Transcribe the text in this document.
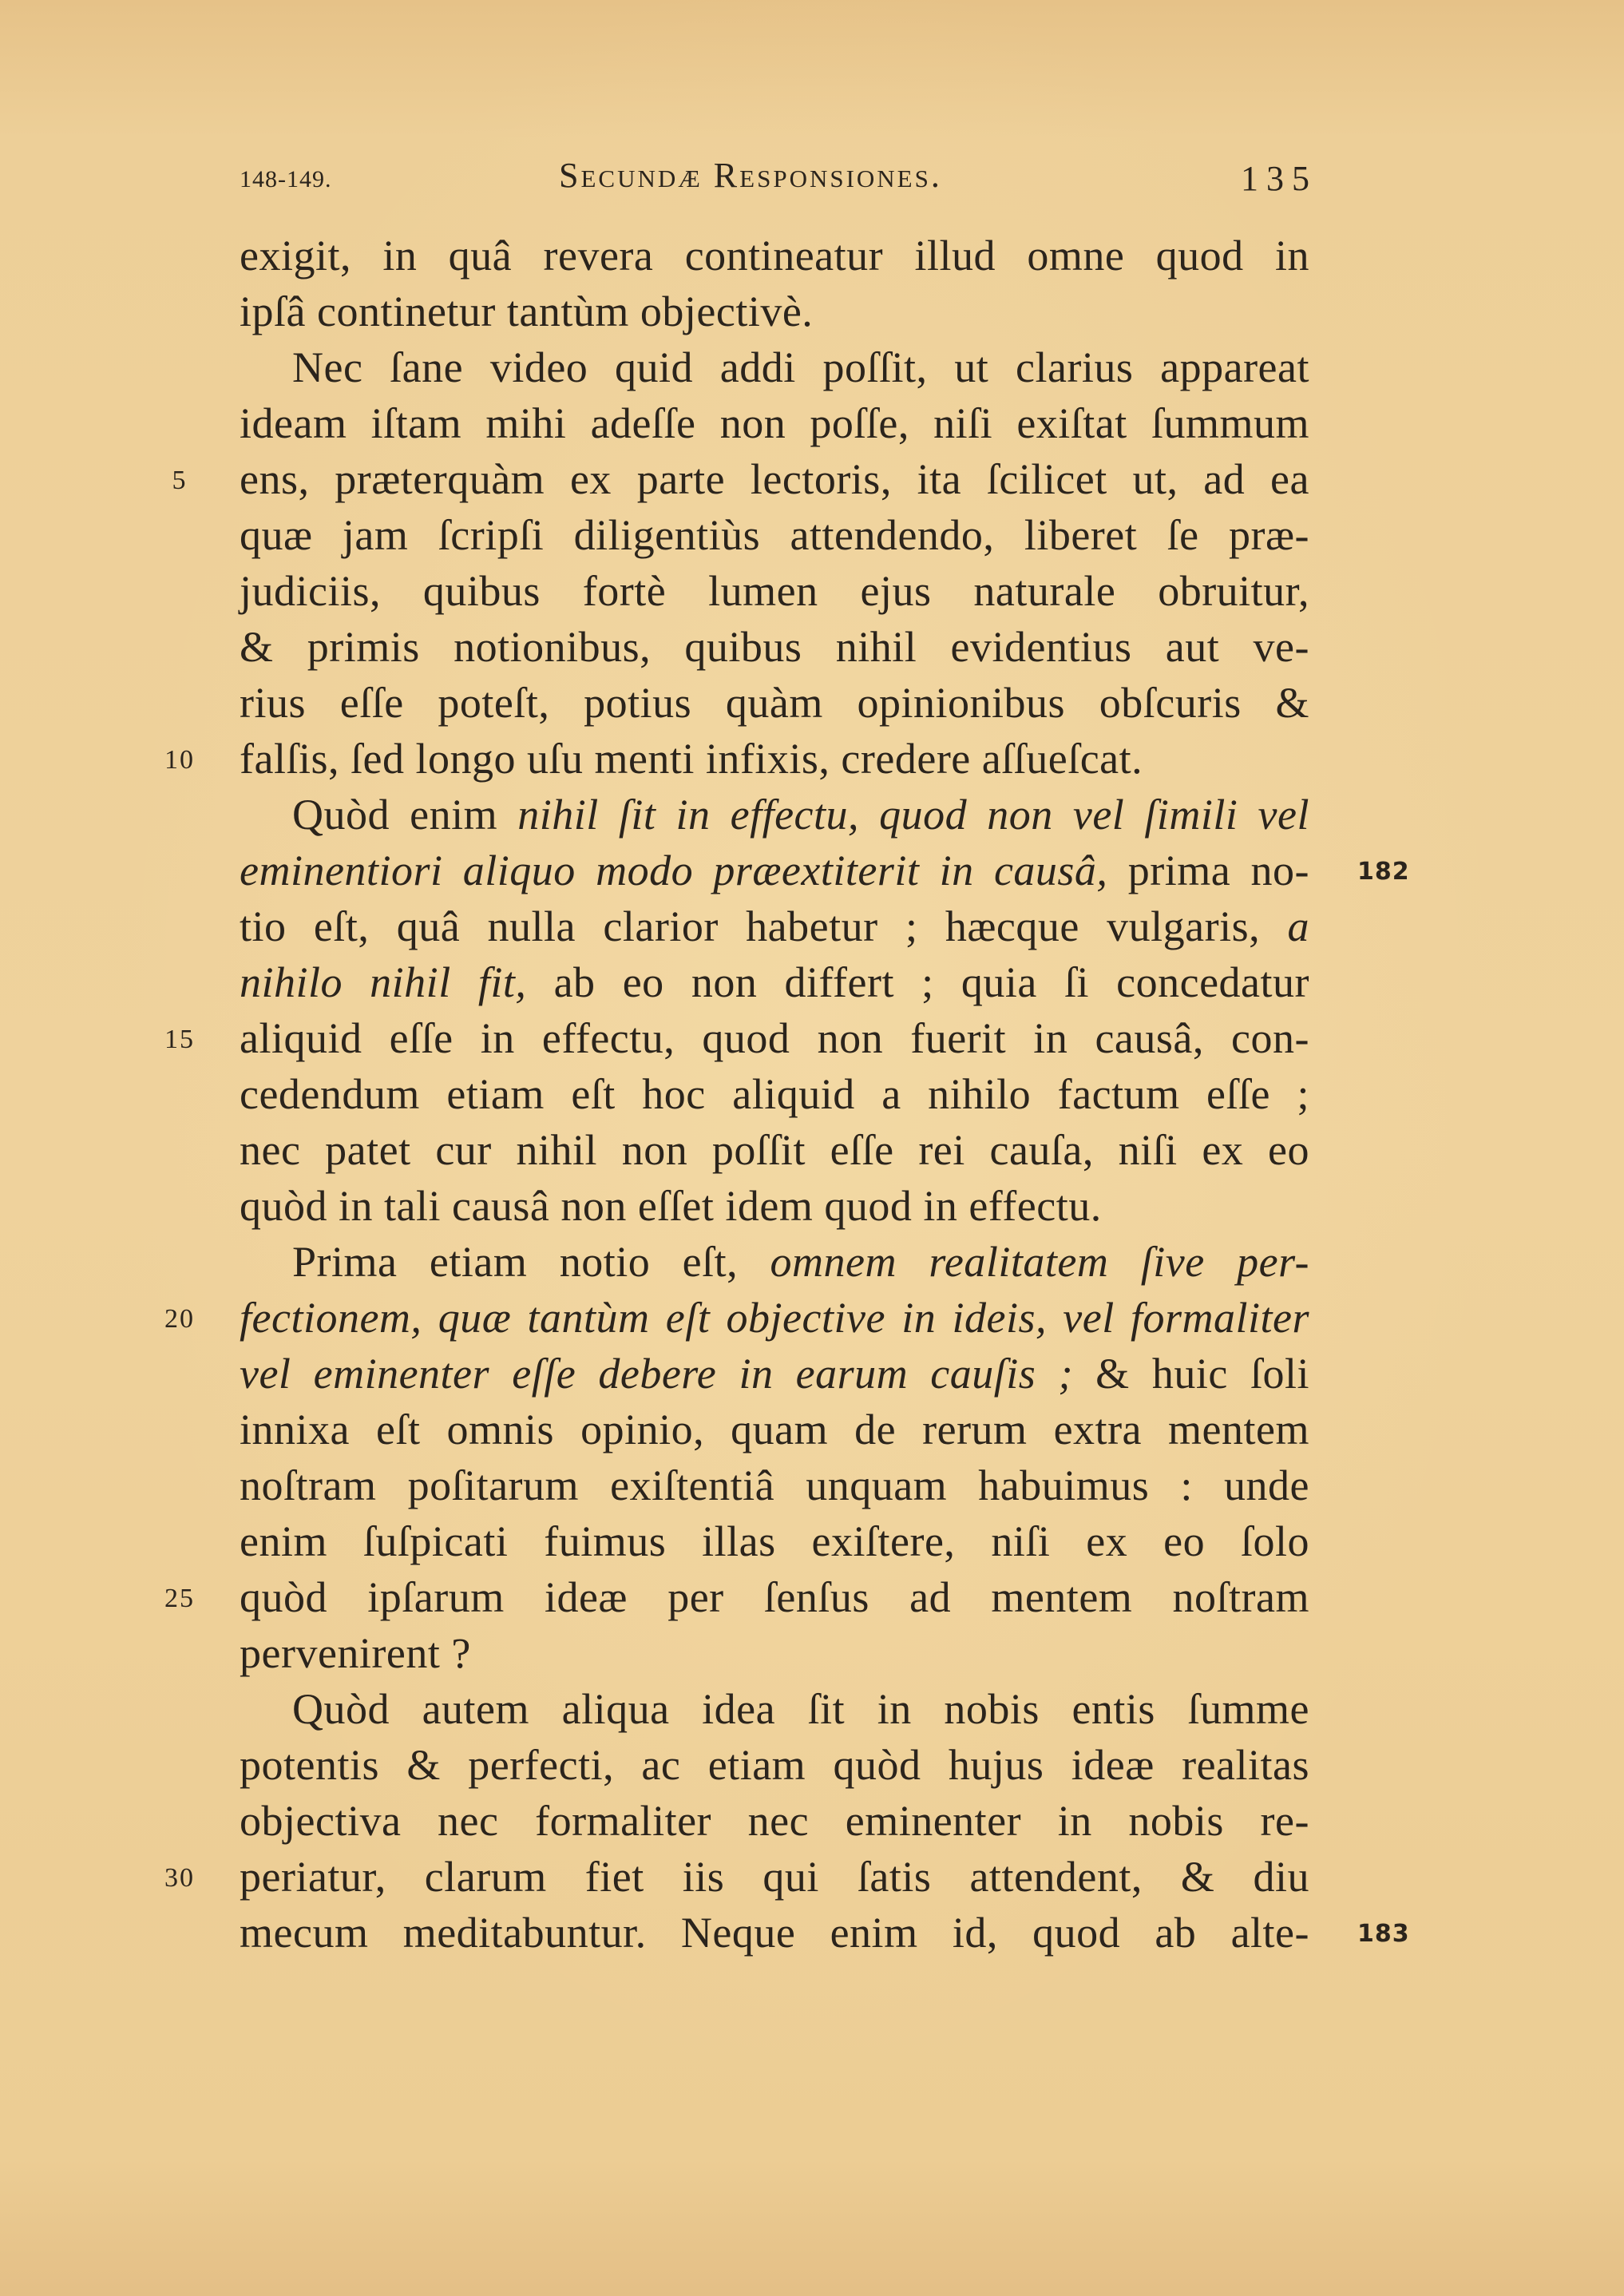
148-149.	Secundæ Responsiones.	135
exigit, in quâ revera contineatur illud omne quod in
ipſâ continetur tantùm objectivè.
Nec ſane video quid addi poſſit, ut clarius appareat
ideam iſtam mihi adeſſe non poſſe, niſi exiſtat ſummum
5 ens, præterquàm ex parte lectoris, ita ſcilicet ut, ad ea
quæ jam ſcripſi diligentiùs attendendo, liberet ſe præ-
judiciis, quibus fortè lumen ejus naturale obruitur,
& primis notionibus, quibus nihil evidentius aut ve-
rius eſſe poteſt, potius quàm opinionibus obſcuris &
10 falſis, ſed longo uſu menti infixis, credere aſſueſcat.
Quòd enim nihil ſit in effectu, quod non vel ſimili vel
eminentiori aliquo modo præextiterit in causâ, prima no- 182
tio eſt, quâ nulla clarior habetur ; hæcque vulgaris, a
nihilo nihil fit, ab eo non differt ; quia ſi concedatur
15 aliquid eſſe in effectu, quod non fuerit in causâ, con-
cedendum etiam eſt hoc aliquid a nihilo factum eſſe ;
nec patet cur nihil non poſſit eſſe rei cauſa, niſi ex eo
quòd in tali causâ non eſſet idem quod in effectu.
Prima etiam notio eſt, omnem realitatem ſive per-
20 fectionem, quæ tantùm eſt objective in ideis, vel formaliter
vel eminenter eſſe debere in earum cauſis ; & huic ſoli
innixa eſt omnis opinio, quam de rerum extra mentem
noſtram poſitarum exiſtentiâ unquam habuimus : unde
enim ſuſpicati fuimus illas exiſtere, niſi ex eo ſolo
25 quòd ipſarum ideæ per ſenſus ad mentem noſtram
pervenirent ?
Quòd autem aliqua idea ſit in nobis entis ſumme
potentis & perfecti, ac etiam quòd hujus ideæ realitas
objectiva nec formaliter nec eminenter in nobis re-
30 periatur, clarum fiet iis qui ſatis attendent, & diu
mecum meditabuntur. Neque enim id, quod ab alte- 183
